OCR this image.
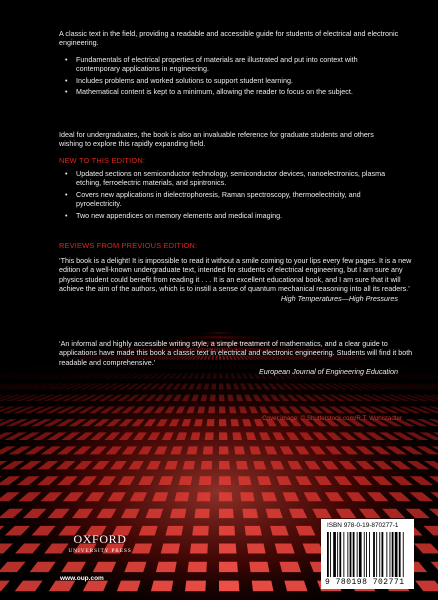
A classic text in the field, providing a readable and accessible guide for students of electrical and electronic engineering.
• Fundamentals of electrical properties of materials are illustrated and put into context with contemporary applications in engineering.
• Includes problems and worked solutions to support student learning.
• Mathematical content is kept to a minimum, allowing the reader to focus on the subject.
Ideal for undergraduates, the book is also an invaluable reference for graduate students and others wishing to explore this rapidly expanding field.
NEW TO THIS EDITION:
• Updated sections on semiconductor technology, semiconductor devices, nanoelectronics, plasma etching, ferroelectric materials, and spintronics.
• Covers new applications in dielectrophoresis, Raman spectroscopy, thermoelectricity, and pyroelectricity.
• Two new appendices on memory elements and medical imaging.
REVIEWS FROM PREVIOUS EDITION:
‘This book is a delight! It is impossible to read it without a smile coming to your lips every few pages. It is a new edition of a well-known undergraduate text, intended for students of electrical engineering, but I am sure any physics student could benefit from reading it . . . It is an excellent educational book, and I am sure that it will achieve the aim of the authors, which is to instill a sense of quantum mechanical reasoning into all its readers.’
High Temperatures—High Pressures
‘An informal and highly accessible writing style, a simple treatment of mathematics, and a clear guide to applications have made this book a classic text in electrical and electronic engineering. Students will find it both readable and comprehensive.’
European Journal of Engineering Education
Cover image: © Shutterstock.com/R.T. Wohlstadter
OXFORD
UNIVERSITY PRESS
www.oup.com
ISBN 978-0-19-870277-1
9 780198 702771
